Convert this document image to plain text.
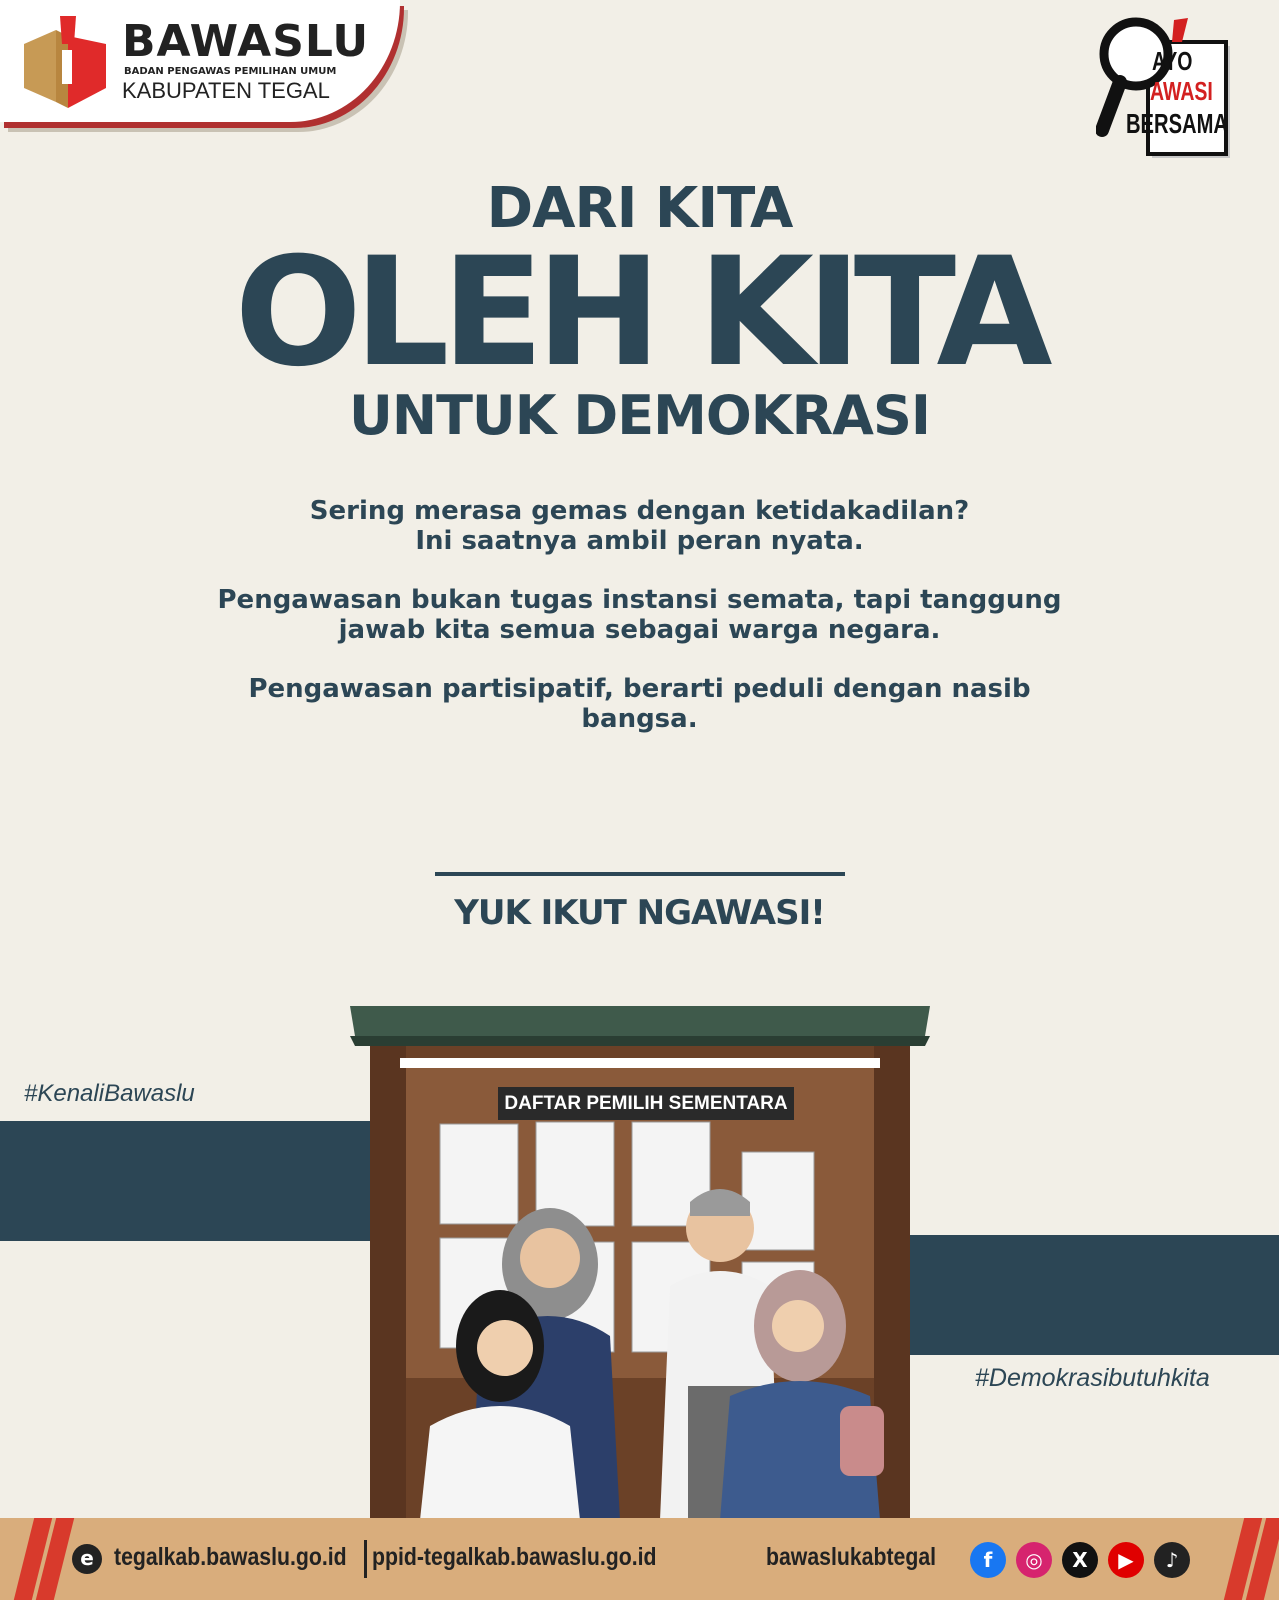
BAWASLU
BADAN PENGAWAS PEMILIHAN UMUM
KABUPATEN TEGAL
AYO
AWASI
BERSAMA
DARI KITA
OLEH KITA
UNTUK DEMOKRASI
Sering merasa gemas dengan ketidakadilan?
Ini saatnya ambil peran nyata.
Pengawasan bukan tugas instansi semata, tapi tanggung
jawab kita semua sebagai warga negara.
Pengawasan partisipatif, berarti peduli dengan nasib
bangsa.
YUK IKUT NGAWASI!
#KenaliBawaslu
#Demokrasibutuhkita
DAFTAR PEMILIH SEMENTARA
e tegalkab.bawaslu.go.id ppid-tegalkab.bawaslu.go.id	bawaslukabtegal	f	◎	X	▶	♪
